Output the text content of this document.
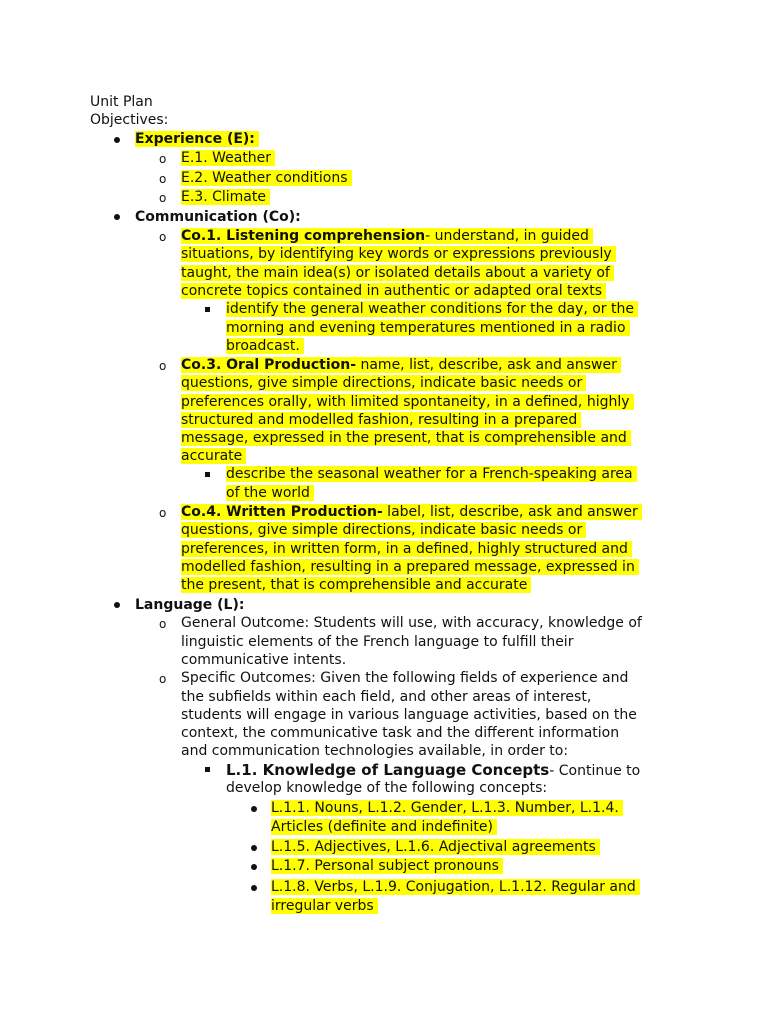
Unit Plan
Objectives:
Experience (E):
o E.1. Weather
o E.2. Weather conditions
o E.3. Climate
Communication (Co):
o Co.1. Listening comprehension- understand, in guided
situations, by identifying key words or expressions previously
taught, the main idea(s) or isolated details about a variety of
concrete topics contained in authentic or adapted oral texts
identify the general weather conditions for the day, or the
morning and evening temperatures mentioned in a radio
broadcast.
o Co.3. Oral Production- name, list, describe, ask and answer
questions, give simple directions, indicate basic needs or
preferences orally, with limited spontaneity, in a defined, highly
structured and modelled fashion, resulting in a prepared
message, expressed in the present, that is comprehensible and
accurate
describe the seasonal weather for a French-speaking area
of the world
o Co.4. Written Production- label, list, describe, ask and answer
questions, give simple directions, indicate basic needs or
preferences, in written form, in a defined, highly structured and
modelled fashion, resulting in a prepared message, expressed in
the present, that is comprehensible and accurate
Language (L):
o General Outcome: Students will use, with accuracy, knowledge of
linguistic elements of the French language to fulfill their
communicative intents.
o Specific Outcomes: Given the following fields of experience and
the subfields within each field, and other areas of interest,
students will engage in various language activities, based on the
context, the communicative task and the different information
and communication technologies available, in order to:
L.1. Knowledge of Language Concepts- Continue to
develop knowledge of the following concepts:
L.1.1. Nouns, L.1.2. Gender, L.1.3. Number, L.1.4.
Articles (definite and indefinite)
L.1.5. Adjectives, L.1.6. Adjectival agreements
L.1.7. Personal subject pronouns
L.1.8. Verbs, L.1.9. Conjugation, L.1.12. Regular and
irregular verbs
